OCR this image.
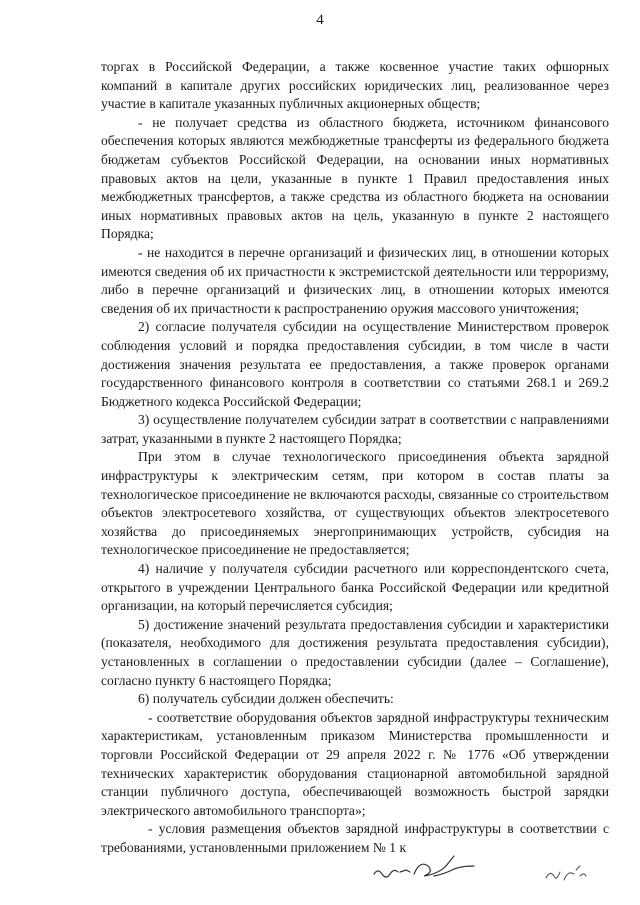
4

торгах в Российской Федерации, а также косвенное участие таких офшорных компаний в капитале других российских юридических лиц, реализованное через участие в капитале указанных публичных акционерных обществ;

- не получает средства из областного бюджета, источником финансового обеспечения которых являются межбюджетные трансферты из федерального бюджета бюджетам субъектов Российской Федерации, на основании иных нормативных правовых актов на цели, указанные в пункте 1 Правил предоставления иных межбюджетных трансфертов, а также средства из областного бюджета на основании иных нормативных правовых актов на цель, указанную в пункте 2 настоящего Порядка;

- не находится в перечне организаций и физических лиц, в отношении которых имеются сведения об их причастности к экстремистской деятельности или терроризму, либо в перечне организаций и физических лиц, в отношении которых имеются сведения об их причастности к распространению оружия массового уничтожения;

2) согласие получателя субсидии на осуществление Министерством проверок соблюдения условий и порядка предоставления субсидии, в том числе в части достижения значения результата ее предоставления, а также проверок органами государственного финансового контроля в соответствии со статьями 268.1 и 269.2 Бюджетного кодекса Российской Федерации;

3) осуществление получателем субсидии затрат в соответствии с направлениями затрат, указанными в пункте 2 настоящего Порядка;

При этом в случае технологического присоединения объекта зарядной инфраструктуры к электрическим сетям, при котором в состав платы за технологическое присоединение не включаются расходы, связанные со строительством объектов электросетевого хозяйства, от существующих объектов электросетевого хозяйства до присоединяемых энергопринимающих устройств, субсидия на технологическое присоединение не предоставляется;

4) наличие у получателя субсидии расчетного или корреспондентского счета, открытого в учреждении Центрального банка Российской Федерации или кредитной организации, на который перечисляется субсидия;

5) достижение значений результата предоставления субсидии и характеристики (показателя, необходимого для достижения результата предоставления субсидии), установленных в соглашении о предоставлении субсидии (далее – Соглашение), согласно пункту 6 настоящего Порядка;

6) получатель субсидии должен обеспечить:

- соответствие оборудования объектов зарядной инфраструктуры техническим характеристикам, установленным приказом Министерства промышленности и торговли Российской Федерации от 29 апреля 2022 г. № 1776 «Об утверждении технических характеристик оборудования стационарной автомобильной зарядной станции публичного доступа, обеспечивающей возможность быстрой зарядки электрического автомобильного транспорта»;

- условия размещения объектов зарядной инфраструктуры в соответствии с требованиями, установленными приложением № 1 к
